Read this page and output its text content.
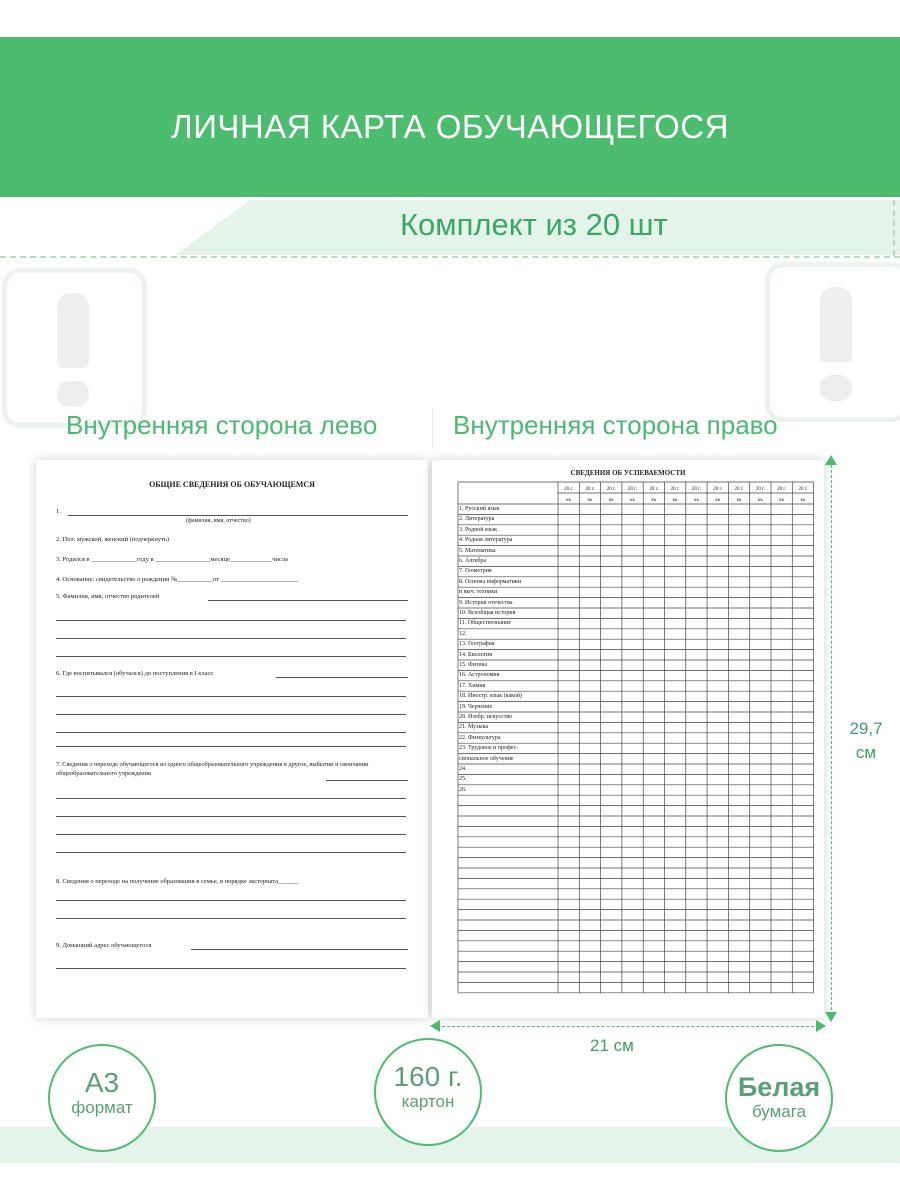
ЛИЧНАЯ КАРТА ОБУЧАЮЩЕГОСЯ
Комплект из 20 шт
Внутренняя сторона лево	Внутренняя сторона право
ОБЩИЕ СВЕДЕНИЯ ОБ ОБУЧАЮЩЕМСЯ
1.
(фамилия, имя, отчество)
2. Пол: мужской, женский (подчеркнуть)
3. Родился в ______________году в _________________месяце_____________числа
4. Основание: свидетельство о рождении №___________от ________________________
5. Фамилия, имя, отчество родителей
6. Где воспитывался (обучался) до поступления в I класс
7. Сведения о переходе обучающегося из одного общеобразовательного учреждения в другое, выбытии и окончании общеобразовательного учреждения
8. Сведения о переходе на получение образования в семье, в порядке экстерната______
9. Домашний адрес обучающегося
СВЕДЕНИЯ ОБ УСПЕВАЕМОСТИ
20 г.
кк
20 г.
кк
20 г.
кк
20 г.
кк
20 г.
кк
20 г.
кк
20 г.
кк
20 г.
кк
20 г.
кк
20 г.
кк
20 г.
кк
20 г.
кк
1. Русский язык
2. Литература
3. Родной язык
4. Родная литература
5. Математика
6. Алгебра
7. Геометрия
8. Основы информатики
и выч. техники
9. История отечества
10. Всеобщая история
11. Обществознание
12.
13. География
14. Биология
15. Физика
16. Астрономия
17. Химия
18. Иностр. язык (какой)
19. Черчение
20. Изобр. искусство
21. Музыка
22. Физкультура
23. Трудовое и профес-
сиональное обучение
24.
25.
26.
29,7
см
21 см
А3
формат
160 г.
картон	Белая
бумага
